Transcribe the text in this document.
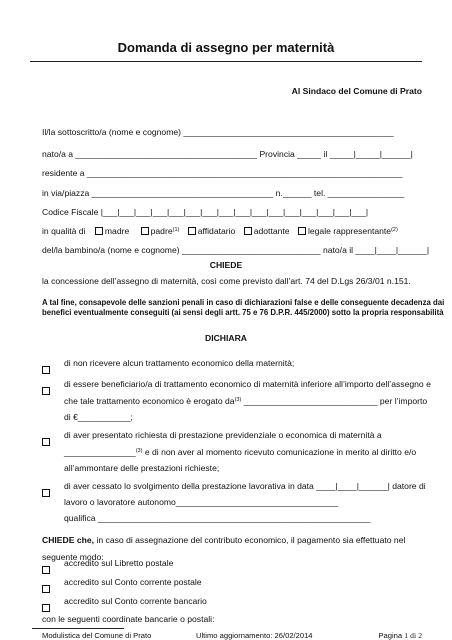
Domanda di assegno per maternità
Al Sindaco del Comune di Prato
Il/la sottoscritto/a (nome e cognome) ____________________________________________
nato/a a ______________________________________ Provincia _____ il _____|_____|______|
residente a __________________________________________________________________
in via/piazza ______________________________________ n.______ tel. ________________
Codice Fiscale |___|___|___|___|___|___|___|___|___|___|___|___|___|___|___|___|
in qualità di madre padre$^{(1)}$ affidatario adottante legale rappresentante$^{(2)}$
del/la bambino/a (nome e cognome) _____________________________ nato/a il ____|____|______|
CHIEDE
la concessione dell’assegno di maternità, così come previsto dall’art. 74 del D.Lgs 26/3/01 n.151.
A tal fine, consapevole delle sanzioni penali in caso di dichiarazioni false e delle conseguente decadenza dai
benefici eventualmente conseguiti (ai sensi degli artt. 75 e 76 D.P.R. 445/2000) sotto la propria responsabilità
DICHIARA
di non ricevere alcun trattamento economico della maternità;
di essere beneficiario/a di trattamento economico di maternità inferiore all’importo dell’assegno e
che tale trattamento economico è erogato $da^{(3)}$ ____________________________ per l’importo
di €___________;
di aver presentato richiesta di prestazione previdenziale o economica di maternità a
_______________$^{(3)}$ e di non aver al momento ricevuto comunicazione in merito al diritto e/o
all’ammontare delle prestazioni richieste;
di aver cessato lo svolgimento della prestazione lavorativa in data ____|____|______| datore di
lavoro o lavoratore autonomo__________________________________
qualifica _________________________________________________________
CHIEDE che, in caso di assegnazione del contributo economico, il pagamento sia effettuato nel
seguente modo:
accredito sul Libretto postale
accredito sul Conto corrente postale
accredito sul Conto corrente bancario
con le seguenti coordinate bancarie o postali:
Modulistica del Comune di Prato	Ultimo aggiornamento: 26/02/2014	Pagina 1 di 2
